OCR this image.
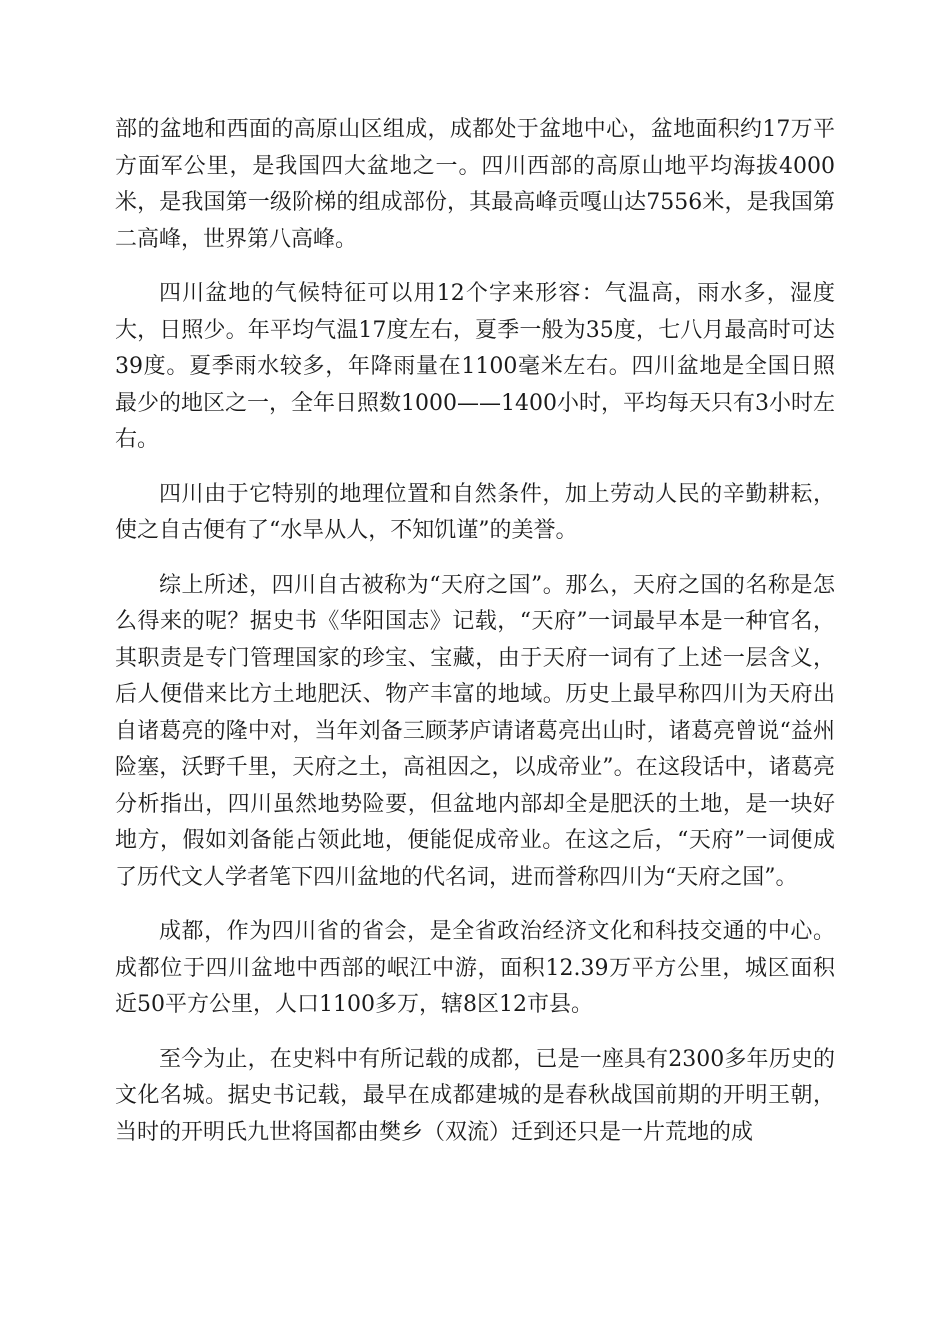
部的盆地和西面的高原山区组成，成都处于盆地中心，盆地面积约17万平方面军公里，是我国四大盆地之一。四川西部的高原山地平均海拔4000米，是我国第一级阶梯的组成部份，其最高峰贡嘎山达7556米，是我国第二高峰，世界第八高峰。

四川盆地的气候特征可以用12个字来形容：气温高，雨水多，湿度大，日照少。年平均气温17度左右，夏季一般为35度，七八月最高时可达39度。夏季雨水较多，年降雨量在1100毫米左右。四川盆地是全国日照最少的地区之一，全年日照数1000——1400小时，平均每天只有3小时左右。

四川由于它特别的地理位置和自然条件，加上劳动人民的辛勤耕耘，使之自古便有了“水旱从人，不知饥谨”的美誉。

综上所述，四川自古被称为“天府之国”。那么，天府之国的名称是怎么得来的呢？据史书《华阳国志》记载，“天府”一词最早本是一种官名，其职责是专门管理国家的珍宝、宝藏，由于天府一词有了上述一层含义，后人便借来比方土地肥沃、物产丰富的地域。历史上最早称四川为天府出自诸葛亮的隆中对，当年刘备三顾茅庐请诸葛亮出山时，诸葛亮曾说“益州险塞，沃野千里，天府之土，高祖因之，以成帝业”。在这段话中，诸葛亮分析指出，四川虽然地势险要，但盆地内部却全是肥沃的土地，是一块好地方，假如刘备能占领此地，便能促成帝业。在这之后，“天府”一词便成了历代文人学者笔下四川盆地的代名词，进而誉称四川为“天府之国”。

成都，作为四川省的省会，是全省政治经济文化和科技交通的中心。成都位于四川盆地中西部的岷江中游，面积12.39万平方公里，城区面积近50平方公里，人口1100多万，辖8区12市县。

至今为止，在史料中有所记载的成都，已是一座具有2300多年历史的文化名城。据史书记载，最早在成都建城的是春秋战国前期的开明王朝，当时的开明氏九世将国都由樊乡（双流）迁到还只是一片荒地的成
